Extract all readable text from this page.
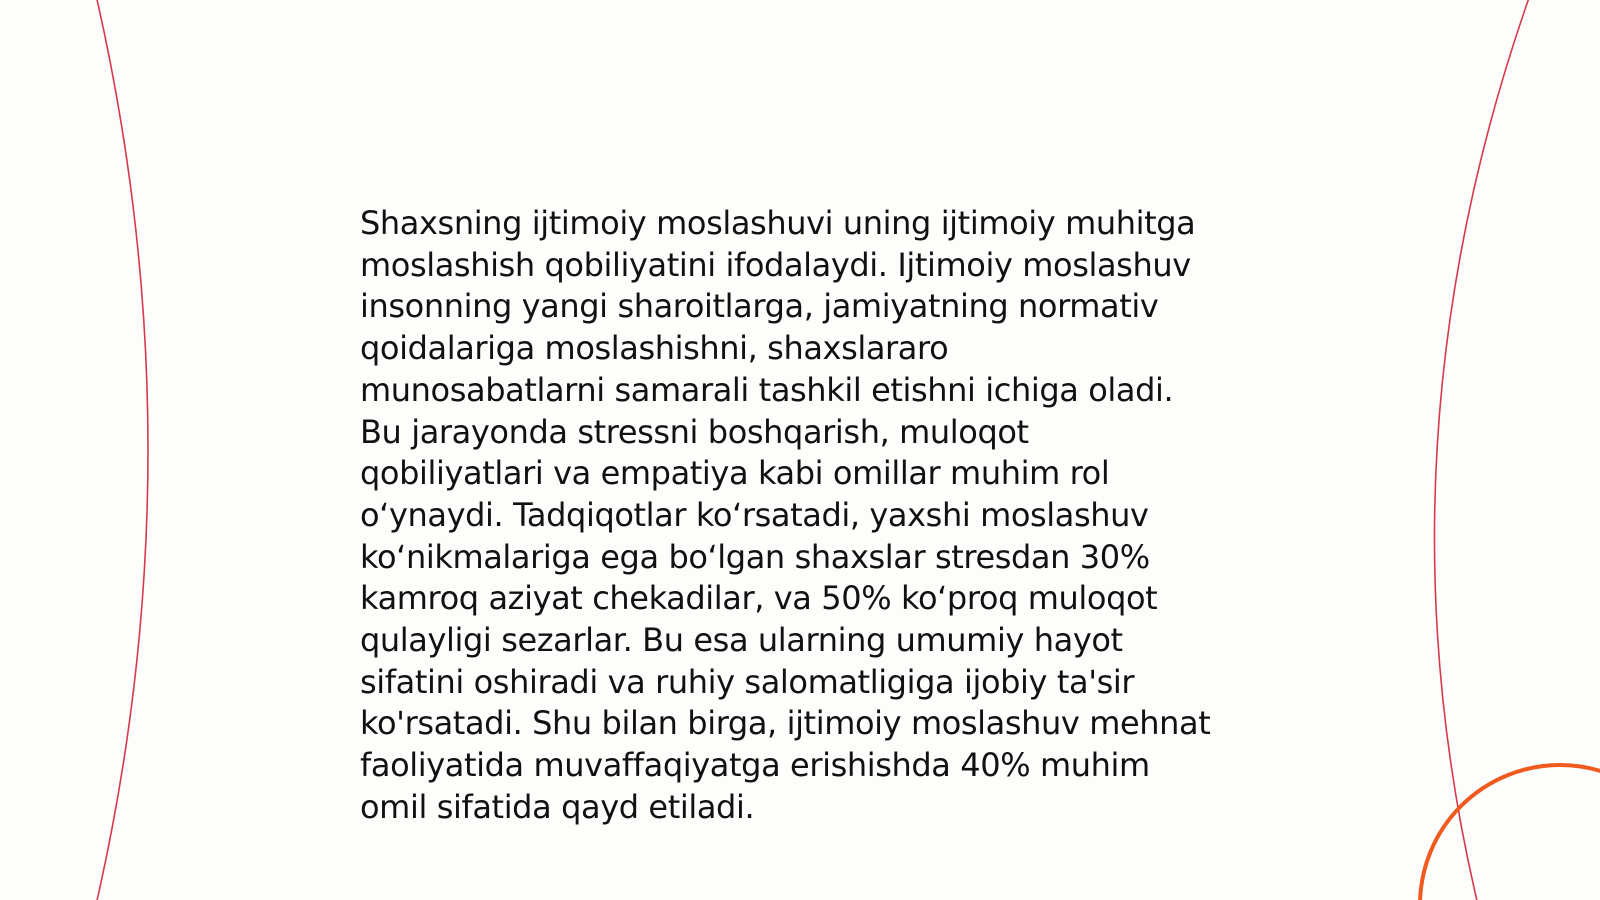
Shaxsning ijtimoiy moslashuvi uning ijtimoiy muhitga
moslashish qobiliyatini ifodalaydi. Ijtimoiy moslashuv
insonning yangi sharoitlarga, jamiyatning normativ
qoidalariga moslashishni, shaxslararo
munosabatlarni samarali tashkil etishni ichiga oladi.
Bu jarayonda stressni boshqarish, muloqot
qobiliyatlari va empatiya kabi omillar muhim rol
o‘ynaydi. Tadqiqotlar ko‘rsatadi, yaxshi moslashuv
ko‘nikmalariga ega bo‘lgan shaxslar stresdan 30%
kamroq aziyat chekadilar, va 50% ko‘proq muloqot
qulayligi sezarlar. Bu esa ularning umumiy hayot
sifatini oshiradi va ruhiy salomatligiga ijobiy ta'sir
ko'rsatadi. Shu bilan birga, ijtimoiy moslashuv mehnat
faoliyatida muvaffaqiyatga erishishda 40% muhim
omil sifatida qayd etiladi.
